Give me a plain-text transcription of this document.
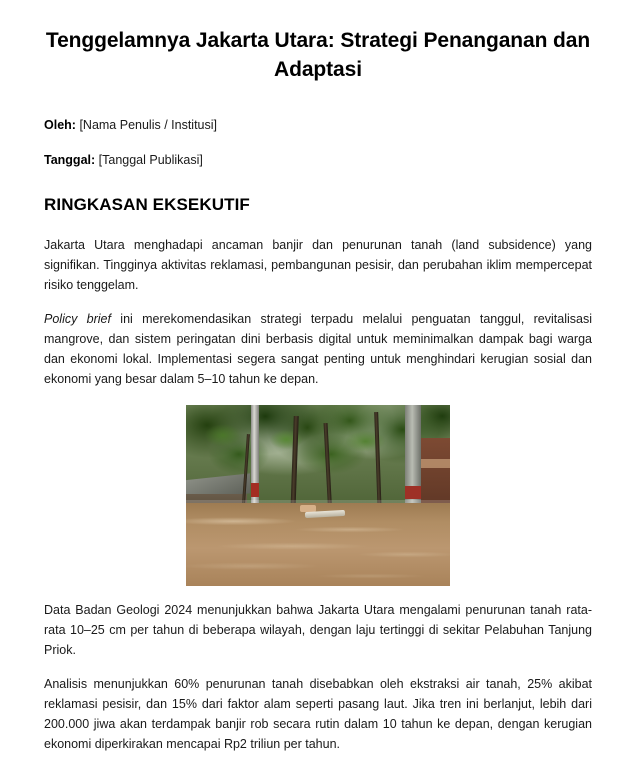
Tenggelamnya Jakarta Utara: Strategi Penanganan dan Adaptasi

Oleh: [Nama Penulis / Institusi]

Tanggal: [Tanggal Publikasi]

RINGKASAN EKSEKUTIF

Jakarta Utara menghadapi ancaman banjir dan penurunan tanah (land subsidence) yang signifikan. Tingginya aktivitas reklamasi, pembangunan pesisir, dan perubahan iklim mempercepat risiko tenggelam.

Policy brief ini merekomendasikan strategi terpadu melalui penguatan tanggul, revitalisasi mangrove, dan sistem peringatan dini berbasis digital untuk meminimalkan dampak bagi warga dan ekonomi lokal. Implementasi segera sangat penting untuk menghindari kerugian sosial dan ekonomi yang besar dalam 5–10 tahun ke depan.

Data Badan Geologi 2024 menunjukkan bahwa Jakarta Utara mengalami penurunan tanah rata-rata 10–25 cm per tahun di beberapa wilayah, dengan laju tertinggi di sekitar Pelabuhan Tanjung Priok.

Analisis menunjukkan 60% penurunan tanah disebabkan oleh ekstraksi air tanah, 25% akibat reklamasi pesisir, dan 15% dari faktor alam seperti pasang laut. Jika tren ini berlanjut, lebih dari 200.000 jiwa akan terdampak banjir rob secara rutin dalam 10 tahun ke depan, dengan kerugian ekonomi diperkirakan mencapai Rp2 triliun per tahun.
